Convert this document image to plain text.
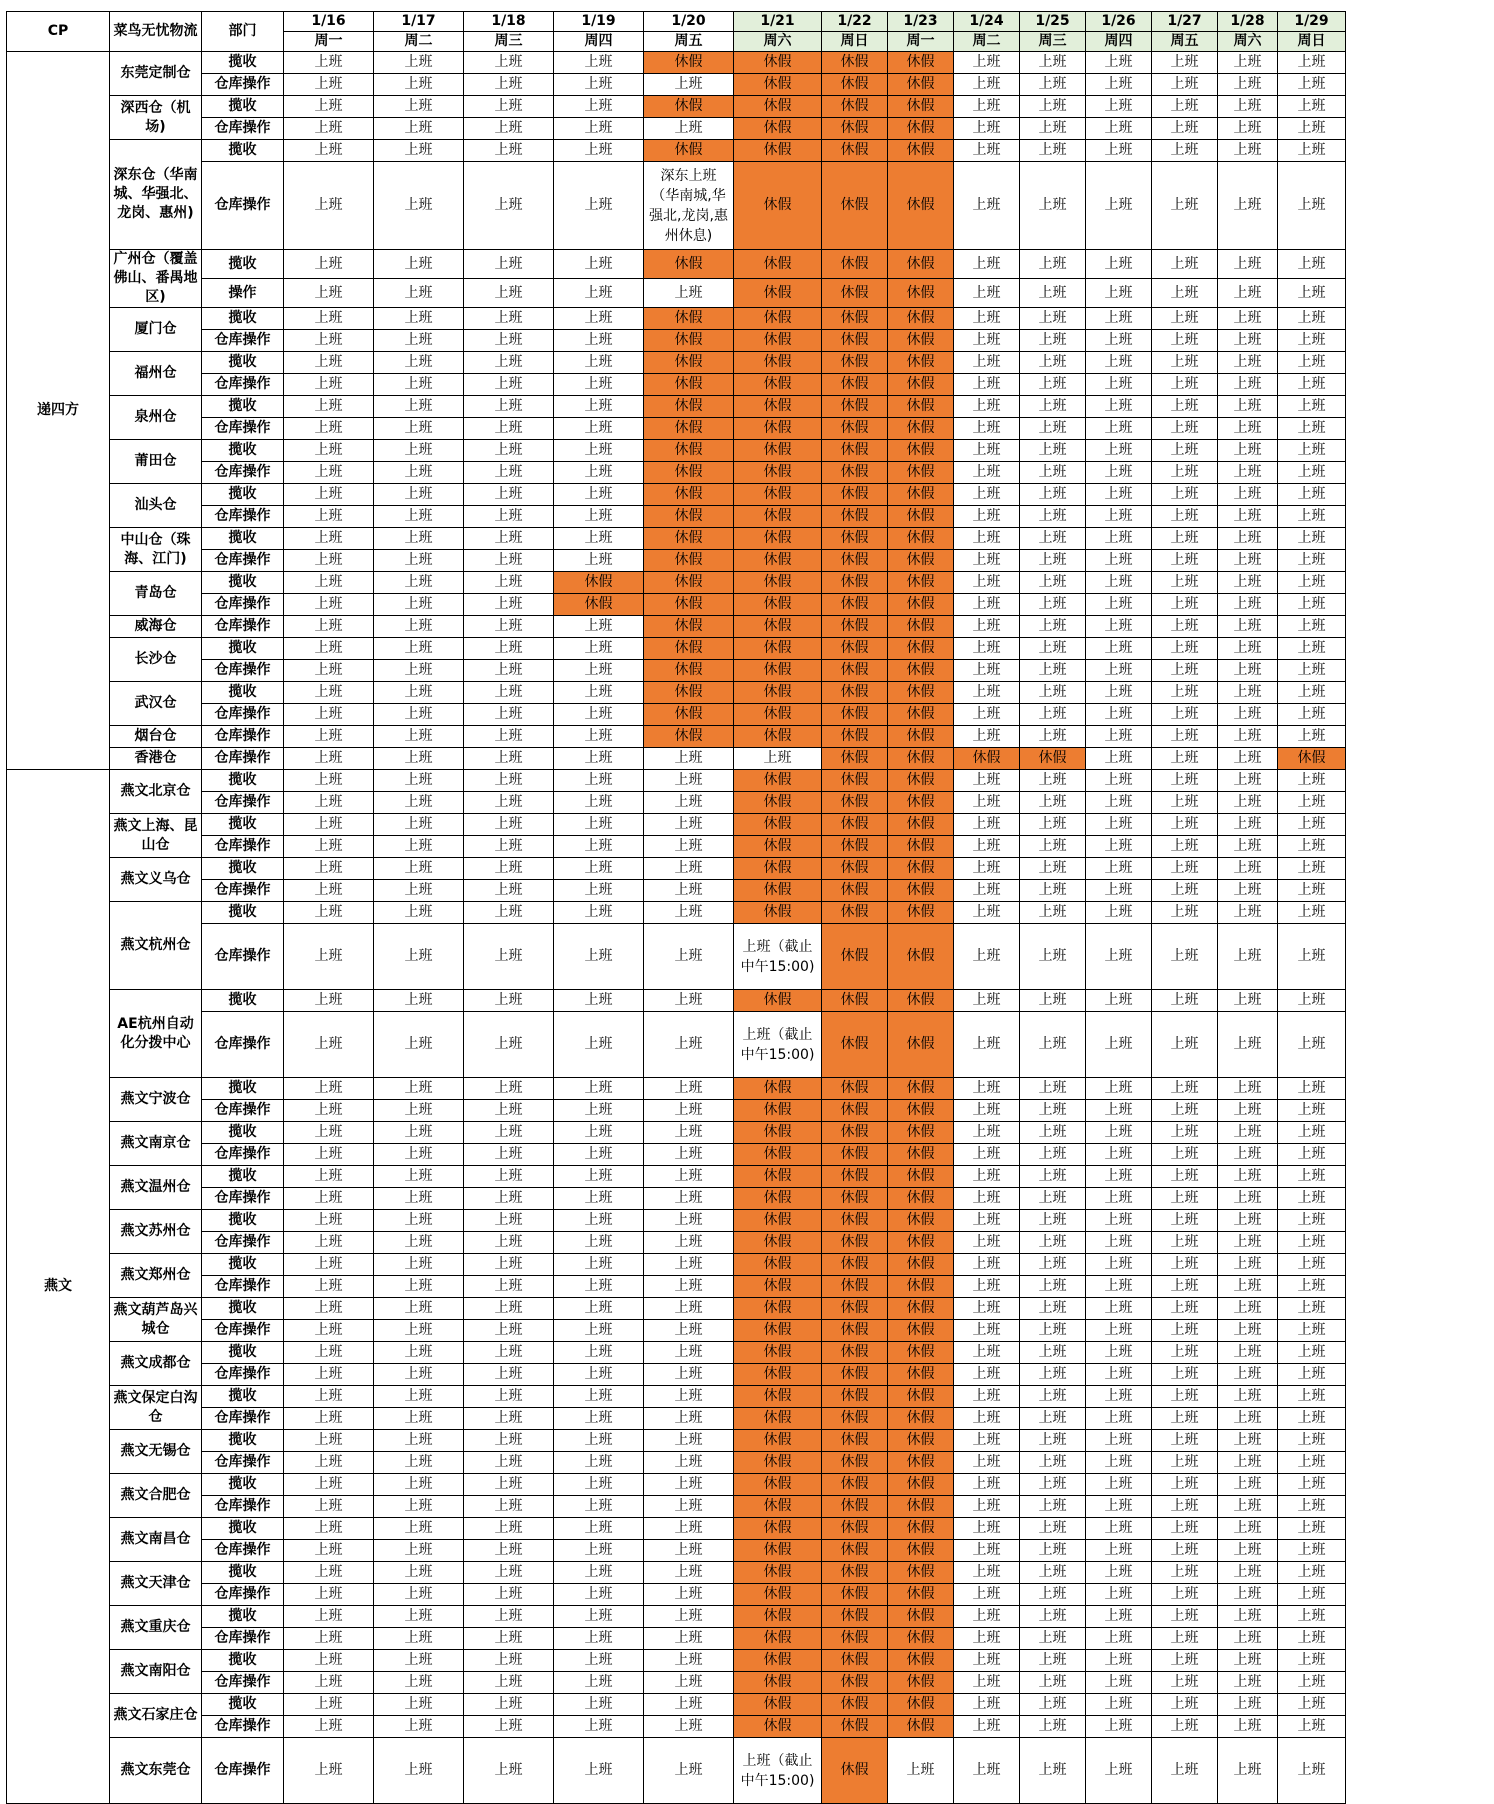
CP	菜鸟无忧物流	部门	1/16	1/17	1/18	1/19	1/20	1/21	1/22	1/23	1/24	1/25	1/26	1/27	1/28	1/29
			周一	周二	周三	周四	周五	周六	周日	周一	周二	周三	周四	周五	周六	周日
递四方	东莞定制仓	揽收	上班	上班	上班	上班	休假	休假	休假	休假	上班	上班	上班	上班	上班	上班
		仓库操作	上班	上班	上班	上班	上班	休假	休假	休假	上班	上班	上班	上班	上班	上班
	深西仓（机场)	揽收	上班	上班	上班	上班	休假	休假	休假	休假	上班	上班	上班	上班	上班	上班
		仓库操作	上班	上班	上班	上班	上班	休假	休假	休假	上班	上班	上班	上班	上班	上班
	深东仓（华南城、华强北、龙岗、惠州)	揽收	上班	上班	上班	上班	休假	休假	休假	休假	上班	上班	上班	上班	上班	上班
		仓库操作	上班	上班	上班	上班	深东上班（华南城,华强北,龙岗,惠州休息)	休假	休假	休假	上班	上班	上班	上班	上班	上班
	广州仓（覆盖佛山、番禺地区)	揽收	上班	上班	上班	上班	休假	休假	休假	休假	上班	上班	上班	上班	上班	上班
		操作	上班	上班	上班	上班	上班	休假	休假	休假	上班	上班	上班	上班	上班	上班
	厦门仓	揽收	上班	上班	上班	上班	休假	休假	休假	休假	上班	上班	上班	上班	上班	上班
		仓库操作	上班	上班	上班	上班	休假	休假	休假	休假	上班	上班	上班	上班	上班	上班
	福州仓	揽收	上班	上班	上班	上班	休假	休假	休假	休假	上班	上班	上班	上班	上班	上班
		仓库操作	上班	上班	上班	上班	休假	休假	休假	休假	上班	上班	上班	上班	上班	上班
	泉州仓	揽收	上班	上班	上班	上班	休假	休假	休假	休假	上班	上班	上班	上班	上班	上班
		仓库操作	上班	上班	上班	上班	休假	休假	休假	休假	上班	上班	上班	上班	上班	上班
	莆田仓	揽收	上班	上班	上班	上班	休假	休假	休假	休假	上班	上班	上班	上班	上班	上班
		仓库操作	上班	上班	上班	上班	休假	休假	休假	休假	上班	上班	上班	上班	上班	上班
	汕头仓	揽收	上班	上班	上班	上班	休假	休假	休假	休假	上班	上班	上班	上班	上班	上班
		仓库操作	上班	上班	上班	上班	休假	休假	休假	休假	上班	上班	上班	上班	上班	上班
	中山仓（珠海、江门)	揽收	上班	上班	上班	上班	休假	休假	休假	休假	上班	上班	上班	上班	上班	上班
		仓库操作	上班	上班	上班	上班	休假	休假	休假	休假	上班	上班	上班	上班	上班	上班
	青岛仓	揽收	上班	上班	上班	休假	休假	休假	休假	休假	上班	上班	上班	上班	上班	上班
		仓库操作	上班	上班	上班	休假	休假	休假	休假	休假	上班	上班	上班	上班	上班	上班
	威海仓	仓库操作	上班	上班	上班	上班	休假	休假	休假	休假	上班	上班	上班	上班	上班	上班
	长沙仓	揽收	上班	上班	上班	上班	休假	休假	休假	休假	上班	上班	上班	上班	上班	上班
		仓库操作	上班	上班	上班	上班	休假	休假	休假	休假	上班	上班	上班	上班	上班	上班
	武汉仓	揽收	上班	上班	上班	上班	休假	休假	休假	休假	上班	上班	上班	上班	上班	上班
		仓库操作	上班	上班	上班	上班	休假	休假	休假	休假	上班	上班	上班	上班	上班	上班
	烟台仓	仓库操作	上班	上班	上班	上班	休假	休假	休假	休假	上班	上班	上班	上班	上班	上班
	香港仓	仓库操作	上班	上班	上班	上班	上班	上班	休假	休假	休假	休假	上班	上班	上班	休假
燕文	燕文北京仓	揽收	上班	上班	上班	上班	上班	休假	休假	休假	上班	上班	上班	上班	上班	上班
		仓库操作	上班	上班	上班	上班	上班	休假	休假	休假	上班	上班	上班	上班	上班	上班
	燕文上海、昆山仓	揽收	上班	上班	上班	上班	上班	休假	休假	休假	上班	上班	上班	上班	上班	上班
		仓库操作	上班	上班	上班	上班	上班	休假	休假	休假	上班	上班	上班	上班	上班	上班
	燕文义乌仓	揽收	上班	上班	上班	上班	上班	休假	休假	休假	上班	上班	上班	上班	上班	上班
		仓库操作	上班	上班	上班	上班	上班	休假	休假	休假	上班	上班	上班	上班	上班	上班
	燕文杭州仓	揽收	上班	上班	上班	上班	上班	休假	休假	休假	上班	上班	上班	上班	上班	上班
		仓库操作	上班	上班	上班	上班	上班	上班（截止中午15:00)	休假	休假	上班	上班	上班	上班	上班	上班
	AE杭州自动化分拨中心	揽收	上班	上班	上班	上班	上班	休假	休假	休假	上班	上班	上班	上班	上班	上班
		仓库操作	上班	上班	上班	上班	上班	上班（截止中午15:00)	休假	休假	上班	上班	上班	上班	上班	上班
	燕文宁波仓	揽收	上班	上班	上班	上班	上班	休假	休假	休假	上班	上班	上班	上班	上班	上班
		仓库操作	上班	上班	上班	上班	上班	休假	休假	休假	上班	上班	上班	上班	上班	上班
	燕文南京仓	揽收	上班	上班	上班	上班	上班	休假	休假	休假	上班	上班	上班	上班	上班	上班
		仓库操作	上班	上班	上班	上班	上班	休假	休假	休假	上班	上班	上班	上班	上班	上班
	燕文温州仓	揽收	上班	上班	上班	上班	上班	休假	休假	休假	上班	上班	上班	上班	上班	上班
		仓库操作	上班	上班	上班	上班	上班	休假	休假	休假	上班	上班	上班	上班	上班	上班
	燕文苏州仓	揽收	上班	上班	上班	上班	上班	休假	休假	休假	上班	上班	上班	上班	上班	上班
		仓库操作	上班	上班	上班	上班	上班	休假	休假	休假	上班	上班	上班	上班	上班	上班
	燕文郑州仓	揽收	上班	上班	上班	上班	上班	休假	休假	休假	上班	上班	上班	上班	上班	上班
		仓库操作	上班	上班	上班	上班	上班	休假	休假	休假	上班	上班	上班	上班	上班	上班
	燕文葫芦岛兴城仓	揽收	上班	上班	上班	上班	上班	休假	休假	休假	上班	上班	上班	上班	上班	上班
		仓库操作	上班	上班	上班	上班	上班	休假	休假	休假	上班	上班	上班	上班	上班	上班
	燕文成都仓	揽收	上班	上班	上班	上班	上班	休假	休假	休假	上班	上班	上班	上班	上班	上班
		仓库操作	上班	上班	上班	上班	上班	休假	休假	休假	上班	上班	上班	上班	上班	上班
	燕文保定白沟仓	揽收	上班	上班	上班	上班	上班	休假	休假	休假	上班	上班	上班	上班	上班	上班
		仓库操作	上班	上班	上班	上班	上班	休假	休假	休假	上班	上班	上班	上班	上班	上班
	燕文无锡仓	揽收	上班	上班	上班	上班	上班	休假	休假	休假	上班	上班	上班	上班	上班	上班
		仓库操作	上班	上班	上班	上班	上班	休假	休假	休假	上班	上班	上班	上班	上班	上班
	燕文合肥仓	揽收	上班	上班	上班	上班	上班	休假	休假	休假	上班	上班	上班	上班	上班	上班
		仓库操作	上班	上班	上班	上班	上班	休假	休假	休假	上班	上班	上班	上班	上班	上班
	燕文南昌仓	揽收	上班	上班	上班	上班	上班	休假	休假	休假	上班	上班	上班	上班	上班	上班
		仓库操作	上班	上班	上班	上班	上班	休假	休假	休假	上班	上班	上班	上班	上班	上班
	燕文天津仓	揽收	上班	上班	上班	上班	上班	休假	休假	休假	上班	上班	上班	上班	上班	上班
		仓库操作	上班	上班	上班	上班	上班	休假	休假	休假	上班	上班	上班	上班	上班	上班
	燕文重庆仓	揽收	上班	上班	上班	上班	上班	休假	休假	休假	上班	上班	上班	上班	上班	上班
		仓库操作	上班	上班	上班	上班	上班	休假	休假	休假	上班	上班	上班	上班	上班	上班
	燕文南阳仓	揽收	上班	上班	上班	上班	上班	休假	休假	休假	上班	上班	上班	上班	上班	上班
		仓库操作	上班	上班	上班	上班	上班	休假	休假	休假	上班	上班	上班	上班	上班	上班
	燕文石家庄仓	揽收	上班	上班	上班	上班	上班	休假	休假	休假	上班	上班	上班	上班	上班	上班
		仓库操作	上班	上班	上班	上班	上班	休假	休假	休假	上班	上班	上班	上班	上班	上班
	燕文东莞仓	仓库操作	上班	上班	上班	上班	上班	上班（截止中午15:00)	休假	上班	上班	上班	上班	上班	上班	上班
